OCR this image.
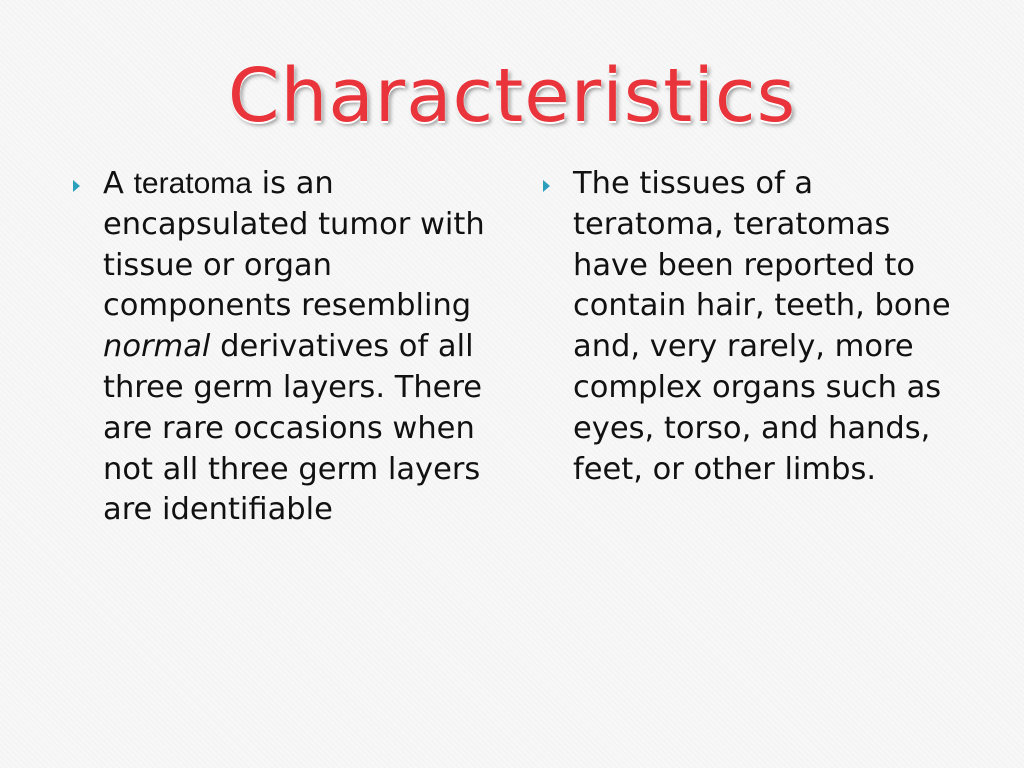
Characteristics

A teratoma is an encapsulated tumor with tissue or organ components resembling normal derivatives of all three germ layers. There are rare occasions when not all three germ layers are identifiable

The tissues of a teratoma, teratomas have been reported to contain hair, teeth, bone and, very rarely, more complex organs such as eyes, torso, and hands, feet, or other limbs.
